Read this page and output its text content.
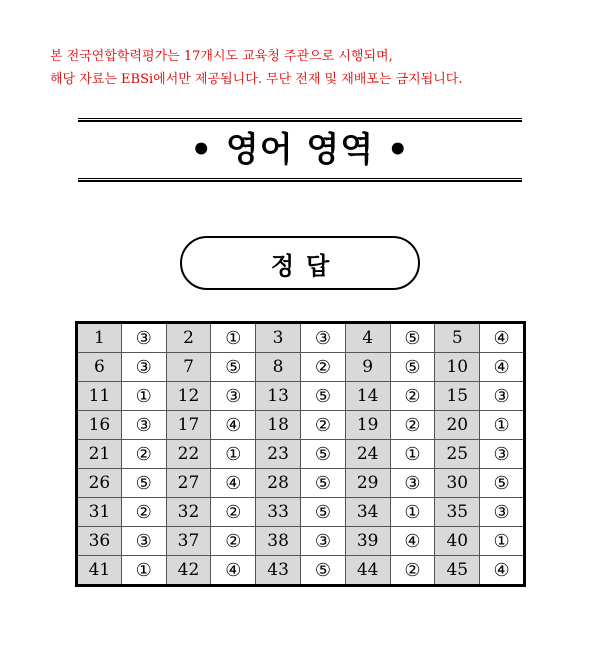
본 전국연합학력평가는 17개시도 교육청 주관으로 시행되며,
해당 자료는 EBSi에서만 제공됩니다. 무단 전재 및 재배포는 금지됩니다.
• 영어 영역 •
정답
1	③	2	①	3	③	4	⑤	5	④
6	③	7	⑤	8	②	9	⑤	10	④
11	①	12	③	13	⑤	14	②	15	③
16	③	17	④	18	②	19	②	20	①
21	②	22	①	23	⑤	24	①	25	③
26	⑤	27	④	28	⑤	29	③	30	⑤
31	②	32	②	33	⑤	34	①	35	③
36	③	37	②	38	③	39	④	40	①
41	①	42	④	43	⑤	44	②	45	④
